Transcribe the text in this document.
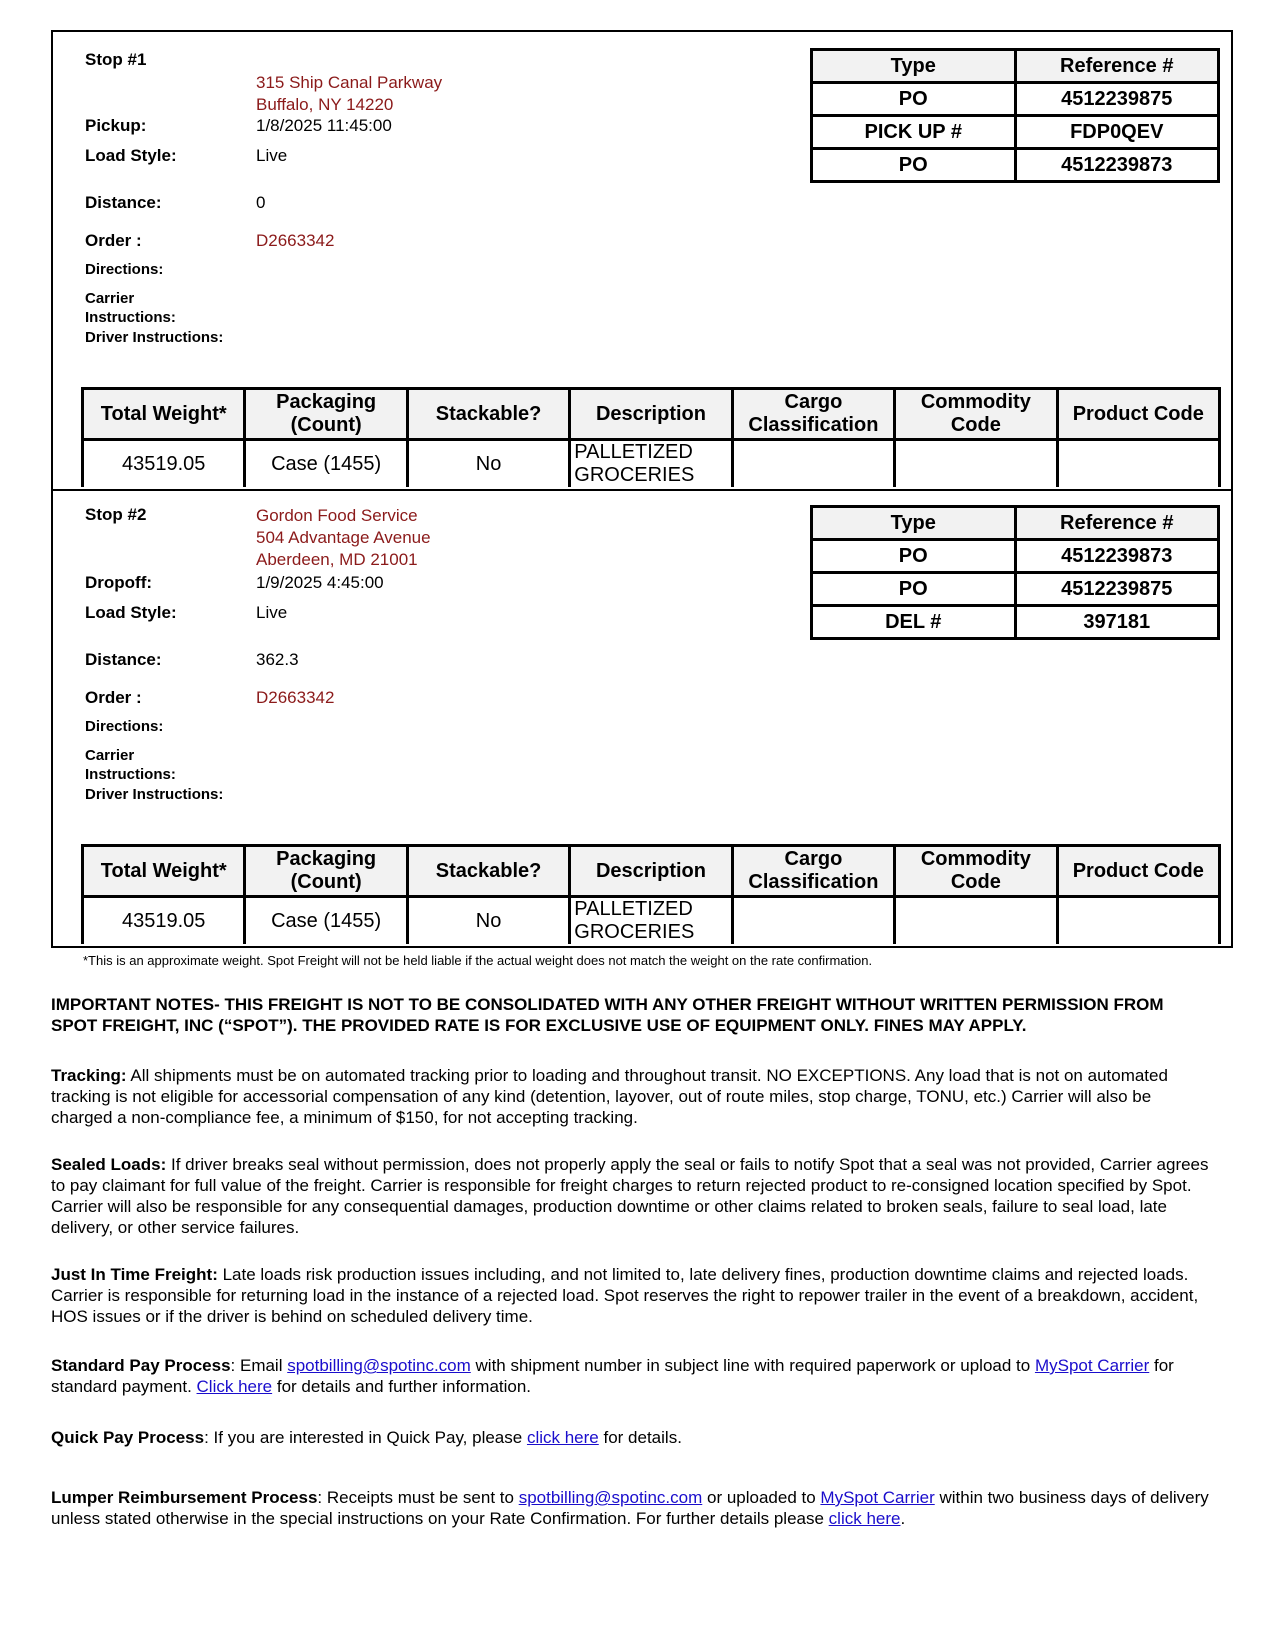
Stop #1
315 Ship Canal Parkway
Buffalo, NY 14220
Pickup:	1/8/2025 11:45:00
Load Style:	Live
Distance:	0
Order :	D2663342
Directions:
Carrier
Instructions:
Driver Instructions:
Type	Reference #
PO	4512239875
PICK UP #	FDP0QEV
PO	4512239873
Total Weight*	Packaging (Count)	Stackable?	Description	Cargo Classification	Commodity Code	Product Code
43519.05	Case (1455)	No	PALLETIZED
GROCERIES			

Stop #2	Gordon Food Service
504 Advantage Avenue
Aberdeen, MD 21001
Dropoff:	1/9/2025 4:45:00
Load Style:	Live
Distance:	362.3
Order :	D2663342
Directions:
Carrier
Instructions:
Driver Instructions:
Type	Reference #
PO	4512239873
PO	4512239875
DEL #	397181
Total Weight*	Packaging (Count)	Stackable?	Description	Cargo Classification	Commodity Code	Product Code
43519.05	Case (1455)	No	PALLETIZED
GROCERIES			

*This is an approximate weight. Spot Freight will not be held liable if the actual weight does not match the weight on the rate confirmation.
IMPORTANT NOTES- THIS FREIGHT IS NOT TO BE CONSOLIDATED WITH ANY OTHER FREIGHT WITHOUT WRITTEN PERMISSION FROM SPOT FREIGHT, INC (“SPOT”). THE PROVIDED RATE IS FOR EXCLUSIVE USE OF EQUIPMENT ONLY. FINES MAY APPLY.
Tracking: All shipments must be on automated tracking prior to loading and throughout transit. NO EXCEPTIONS. Any load that is not on automated tracking is not eligible for accessorial compensation of any kind (detention, layover, out of route miles, stop charge, TONU, etc.) Carrier will also be charged a non-compliance fee, a minimum of $150, for not accepting tracking.
Sealed Loads: If driver breaks seal without permission, does not properly apply the seal or fails to notify Spot that a seal was not provided, Carrier agrees to pay claimant for full value of the freight. Carrier is responsible for freight charges to return rejected product to re-consigned location specified by Spot. Carrier will also be responsible for any consequential damages, production downtime or other claims related to broken seals, failure to seal load, late delivery, or other service failures.
Just In Time Freight: Late loads risk production issues including, and not limited to, late delivery fines, production downtime claims and rejected loads. Carrier is responsible for returning load in the instance of a rejected load. Spot reserves the right to repower trailer in the event of a breakdown, accident, HOS issues or if the driver is behind on scheduled delivery time.
Standard Pay Process: Email spotbilling@spotinc.com with shipment number in subject line with required paperwork or upload to MySpot Carrier for standard payment. Click here for details and further information.
Quick Pay Process: If you are interested in Quick Pay, please click here for details.
Lumper Reimbursement Process: Receipts must be sent to spotbilling@spotinc.com or uploaded to MySpot Carrier within two business days of delivery unless stated otherwise in the special instructions on your Rate Confirmation. For further details please click here.
